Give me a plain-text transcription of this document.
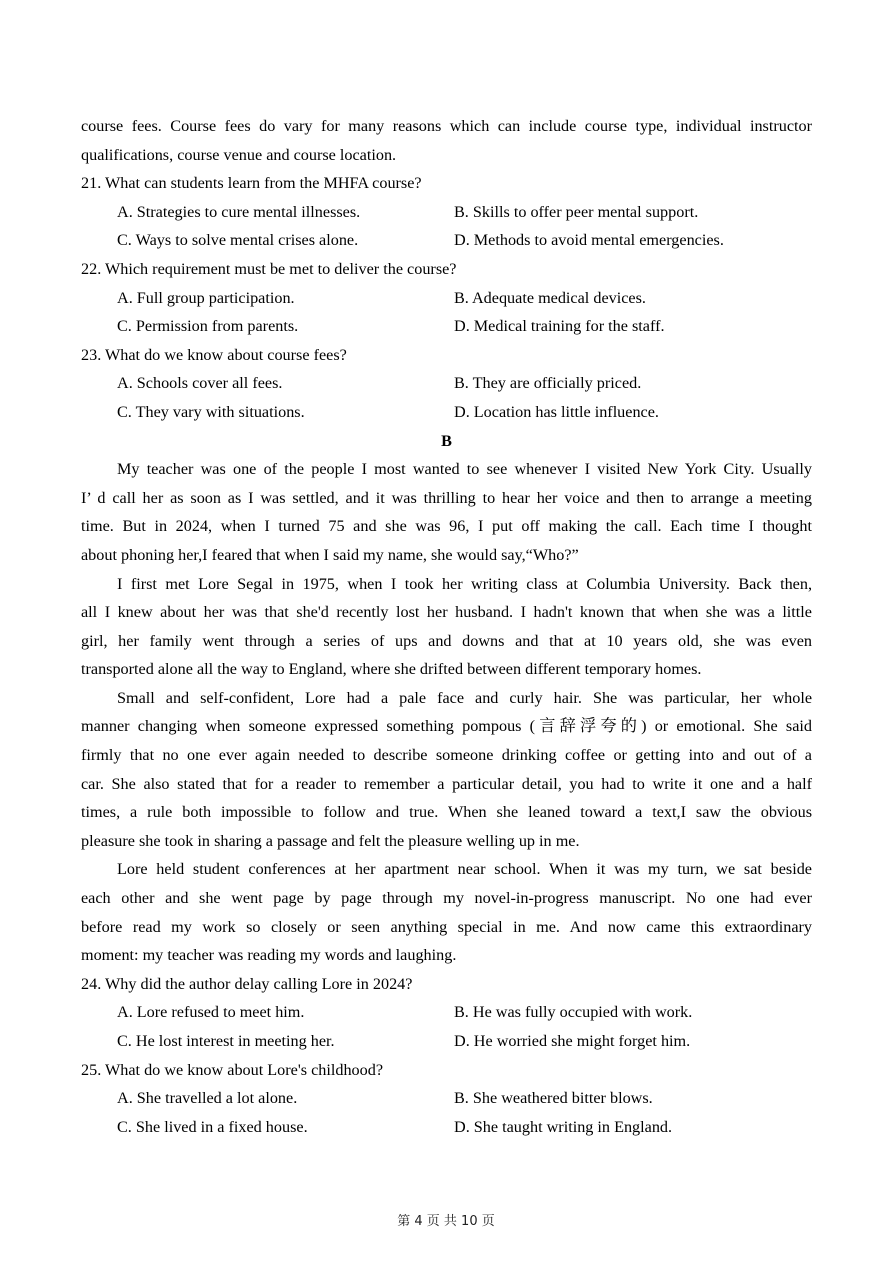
course fees. Course fees do vary for many reasons which can include course type, individual instructor
qualifications, course venue and course location.
21. What can students learn from the MHFA course?
A. Strategies to cure mental illnesses.	B. Skills to offer peer mental support.
C. Ways to solve mental crises alone.	D. Methods to avoid mental emergencies.
22. Which requirement must be met to deliver the course?
A. Full group participation.	B. Adequate medical devices.
C. Permission from parents.	D. Medical training for the staff.
23. What do we know about course fees?
A. Schools cover all fees.	B. They are officially priced.
C. They vary with situations.	D. Location has little influence.
B
My teacher was one of the people I most wanted to see whenever I visited New York City. Usually
I’ d call her as soon as I was settled, and it was thrilling to hear her voice and then to arrange a meeting
time. But in 2024, when I turned 75 and she was 96, I put off making the call. Each time I thought
about phoning her,I feared that when I said my name, she would say,“Who?”
I first met Lore Segal in 1975, when I took her writing class at Columbia University. Back then,
all I knew about her was that she'd recently lost her husband. I hadn't known that when she was a little
girl, her family went through a series of ups and downs and that at 10 years old, she was even
transported alone all the way to England, where she drifted between different temporary homes.
Small and self-confident, Lore had a pale face and curly hair. She was particular, her whole
manner changing when someone expressed something pompous (言辞浮夸的) or emotional. She said
firmly that no one ever again needed to describe someone drinking coffee or getting into and out of a
car. She also stated that for a reader to remember a particular detail, you had to write it one and a half
times, a rule both impossible to follow and true. When she leaned toward a text,I saw the obvious
pleasure she took in sharing a passage and felt the pleasure welling up in me.
Lore held student conferences at her apartment near school. When it was my turn, we sat beside
each other and she went page by page through my novel-in-progress manuscript. No one had ever
before read my work so closely or seen anything special in me. And now came this extraordinary
moment: my teacher was reading my words and laughing.
24. Why did the author delay calling Lore in 2024?
A. Lore refused to meet him.	B. He was fully occupied with work.
C. He lost interest in meeting her.	D. He worried she might forget him.
25. What do we know about Lore's childhood?
A. She travelled a lot alone.	B. She weathered bitter blows.
C. She lived in a fixed house.	D. She taught writing in England.
第 4 页 共 10 页
